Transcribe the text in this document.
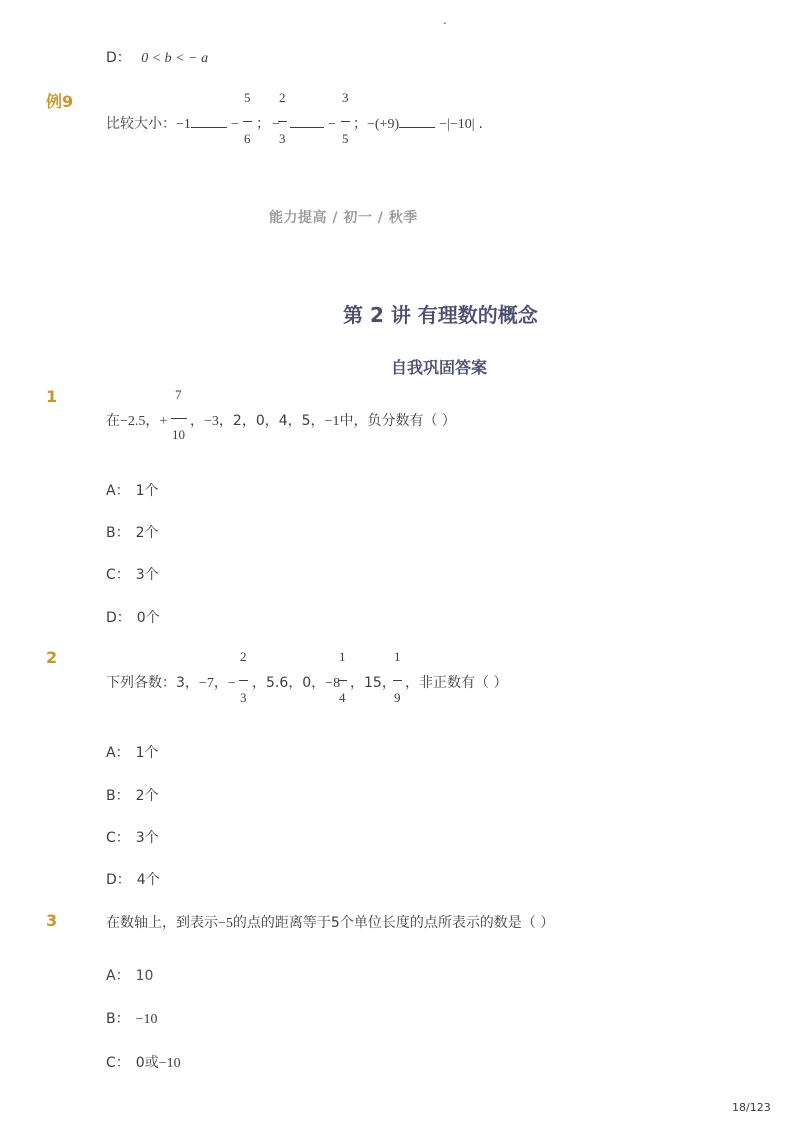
-
D： 0 < b < − a
例9
比较大小：−1	−
5
6
； −
2
3
−
3
5
；−(+9)	−|−10| .
能力提高 / 初一 / 秋季
第 2 讲 有理数的概念
自我巩固答案
1
在−2.5，+
7
10
，−3，2，0，4，5，−1中，负分数有（ ）
A： 1个
B： 2个
C： 3个
D： 0个
2
下列各数：3，−7，−
2
3
，5.6，0，−8
1
4
，15，
1
9
，非正数有（ ）
A： 1个
B： 2个
C： 3个
D： 4个
3	在数轴上，到表示−5的点的距离等于5个单位长度的点所表示的数是（ ）
A： 10
B： −10
C： 0或−10
18/123
